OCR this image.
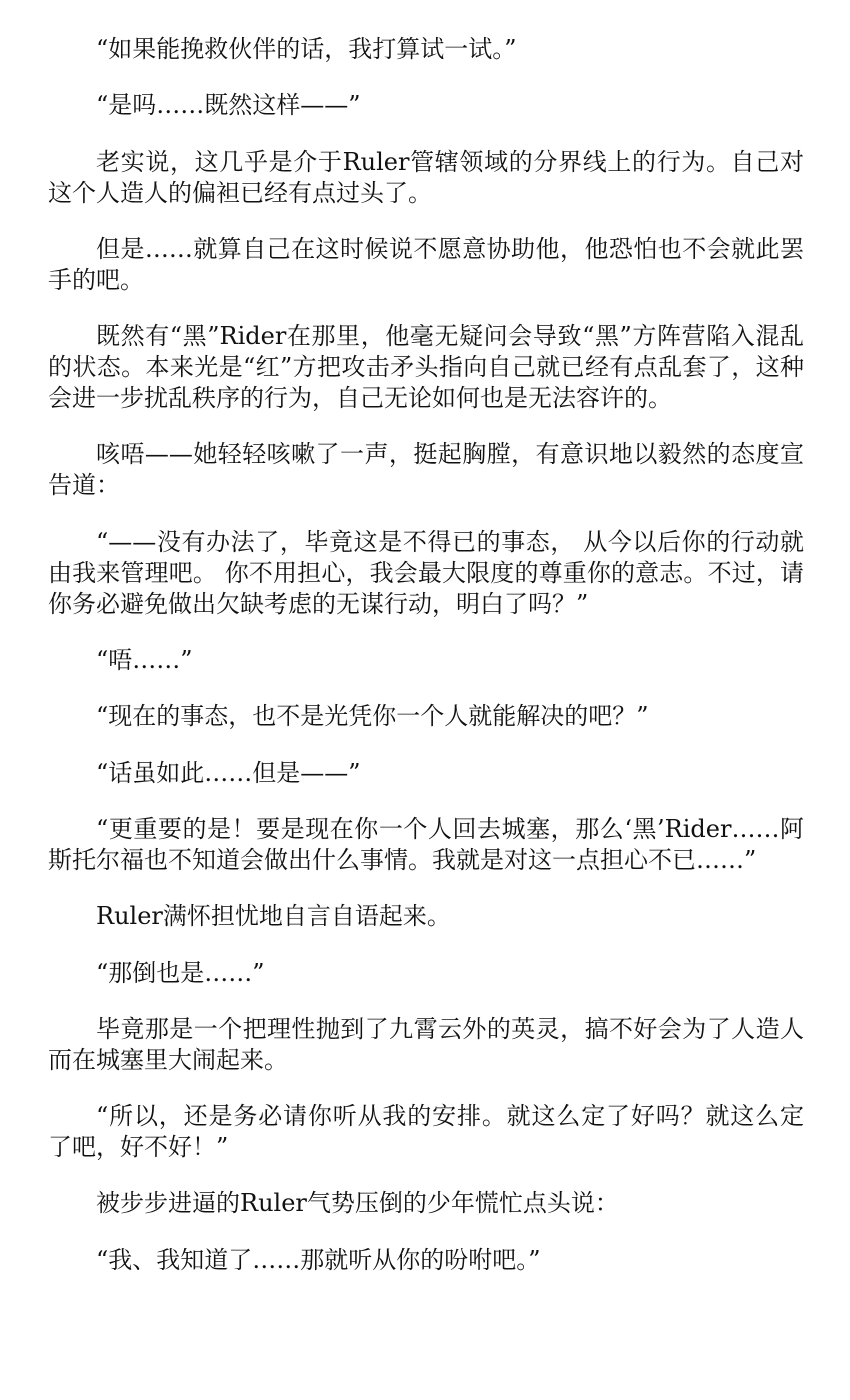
“如果能挽救伙伴的话，我打算试一试。”

“是吗……既然这样——”

老实说，这几乎是介于Ruler管辖领域的分界线上的行为。自己对这个人造人的偏袒已经有点过头了。

但是……就算自己在这时候说不愿意协助他，他恐怕也不会就此罢手的吧。

既然有“黑”Rider在那里，他毫无疑问会导致“黑”方阵营陷入混乱的状态。本来光是“红”方把攻击矛头指向自己就已经有点乱套了，这种会进一步扰乱秩序的行为，自己无论如何也是无法容许的。

咳唔——她轻轻咳嗽了一声，挺起胸膛，有意识地以毅然的态度宣告道：

“——没有办法了，毕竟这是不得已的事态， 从今以后你的行动就由我来管理吧。 你不用担心，我会最大限度的尊重你的意志。不过，请你务必避免做出欠缺考虑的无谋行动，明白了吗？”

“唔……”

“现在的事态，也不是光凭你一个人就能解决的吧？”

“话虽如此……但是——”

“更重要的是！要是现在你一个人回去城塞，那么‘黑’Rider……阿斯托尔福也不知道会做出什么事情。我就是对这一点担心不已……”

Ruler满怀担忧地自言自语起来。

“那倒也是……”

毕竟那是一个把理性抛到了九霄云外的英灵，搞不好会为了人造人而在城塞里大闹起来。

“所以，还是务必请你听从我的安排。就这么定了好吗？就这么定了吧，好不好！”

被步步进逼的Ruler气势压倒的少年慌忙点头说：

“我、我知道了……那就听从你的吩咐吧。”
